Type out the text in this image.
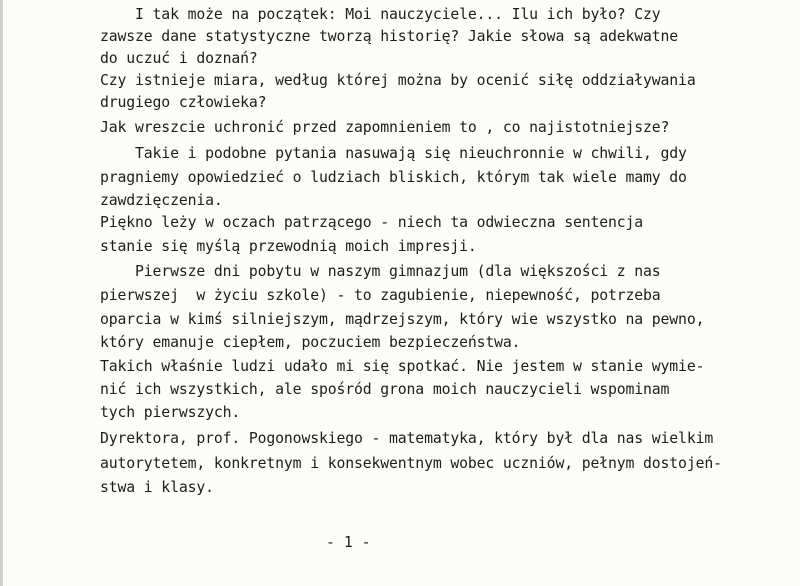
I tak może na początek: Moi nauczyciele... Ilu ich było? Czy
zawsze dane statystyczne tworzą historię? Jakie słowa są adekwatne
do uczuć i doznań?
Czy istnieje miara, według której można by ocenić siłę oddziaływania
drugiego człowieka?
Jak wreszcie uchronić przed zapomnieniem to , co najistotniejsze?
Takie i podobne pytania nasuwają się nieuchronnie w chwili, gdy
pragniemy opowiedzieć o ludziach bliskich, którym tak wiele mamy do
zawdzięczenia.
Piękno leży w oczach patrzącego - niech ta odwieczna sentencja
stanie się myślą przewodnią moich impresji.
Pierwsze dni pobytu w naszym gimnazjum (dla większości z nas
pierwszej  w życiu szkole) - to zagubienie, niepewność, potrzeba
oparcia w kimś silniejszym, mądrzejszym, który wie wszystko na pewno,
który emanuje ciepłem, poczuciem bezpieczeństwa.
Takich właśnie ludzi udało mi się spotkać. Nie jestem w stanie wymie-
nić ich wszystkich, ale spośród grona moich nauczycieli wspominam
tych pierwszych.
Dyrektora, prof. Pogonowskiego - matematyka, który był dla nas wielkim
autorytetem, konkretnym i konsekwentnym wobec uczniów, pełnym dostojeń-
stwa i klasy.
- 1 -
